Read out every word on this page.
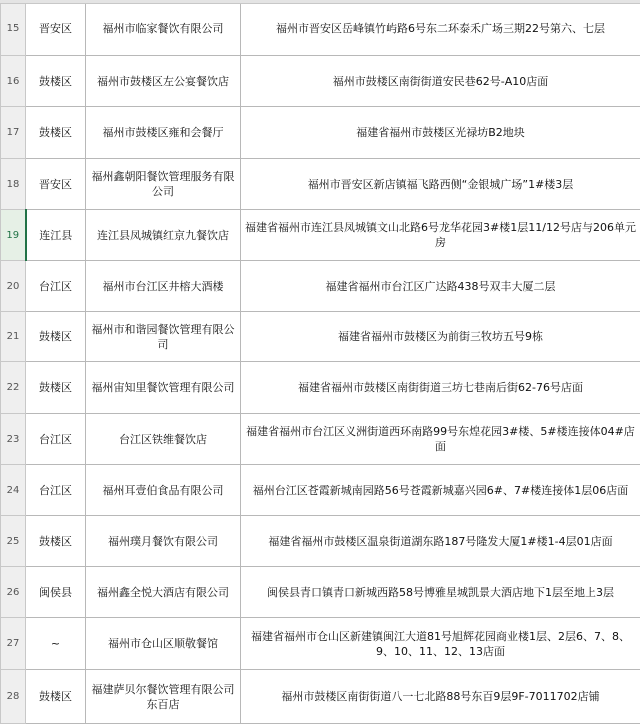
15	晋安区	福州市临家餐饮有限公司	福州市晋安区岳峰镇竹屿路6号东二环泰禾广场三期22号第六、七层
16	鼓楼区	福州市鼓楼区左公宴餐饮店	福州市鼓楼区南街街道安民巷62号-A10店面
17	鼓楼区	福州市鼓楼区雍和会餐厅	福建省福州市鼓楼区光禄坊B2地块
18	晋安区	福州鑫朝阳餐饮管理服务有限公司	福州市晋安区新店镇福飞路西侧“金银城广场”1#楼3层
19	连江县	连江县凤城镇红京九餐饮店	福建省福州市连江县凤城镇文山北路6号龙华花园3#楼1层11/12号店与206单元房
20	台江区	福州市台江区井榕大酒楼	福建省福州市台江区广达路438号双丰大厦二层
21	鼓楼区	福州市和谐园餐饮管理有限公司	福建省福州市鼓楼区为前街三牧坊五号9栋
22	鼓楼区	福州宙知里餐饮管理有限公司	福建省福州市鼓楼区南街街道三坊七巷南后街62-76号店面
23	台江区	台江区铁维餐饮店	福建省福州市台江区义洲街道西环南路99号东煌花园3#楼、5#楼连接体04#店面
24	台江区	福州耳壹伯食品有限公司	福州台江区苍霞新城南园路56号苍霞新城嘉兴园6#、7#楼连接体1层06店面
25	鼓楼区	福州璞月餐饮有限公司	福建省福州市鼓楼区温泉街道湖东路187号隆发大厦1#楼1-4层01店面
26	闽侯县	福州鑫全悦大酒店有限公司	闽侯县青口镇青口新城西路58号博雅星城凯景大酒店地下1层至地上3层
27	~	福州市仓山区顺敬餐馆	福建省福州市仓山区新建镇闽江大道81号旭辉花园商业楼1层、2层6、7、8、9、10、11、12、13店面
28	鼓楼区	福建萨贝尔餐饮管理有限公司东百店	福州市鼓楼区南街街道八一七北路88号东百9层9F-7011702店铺
